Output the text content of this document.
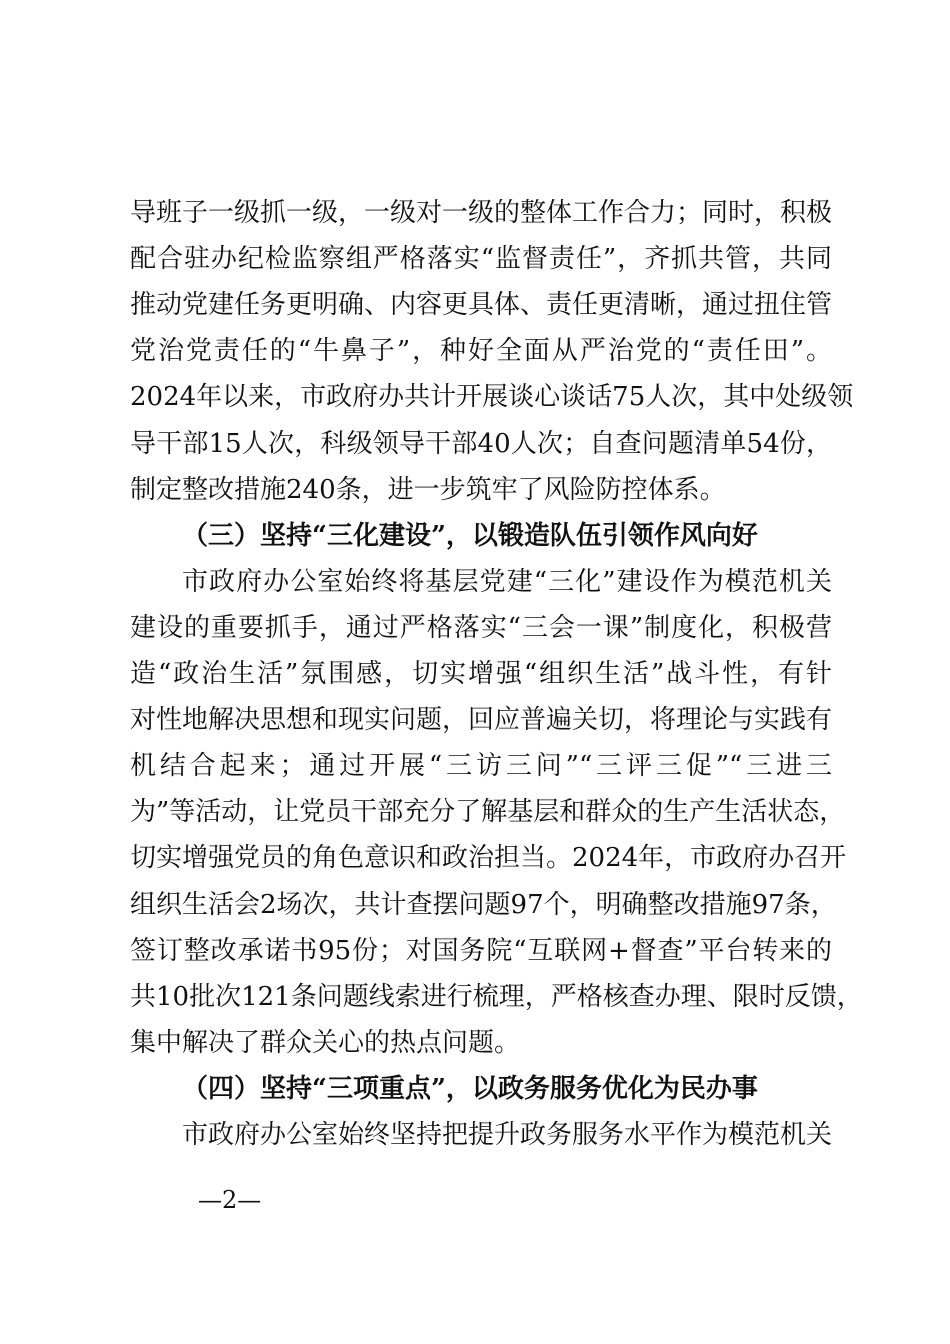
导班子一级抓一级，一级对一级的整体工作合力；同时，积极
配合驻办纪检监察组严格落实“监督责任”，齐抓共管，共同
推动党建任务更明确、内容更具体、责任更清晰，通过扭住管
党治党责任的“牛鼻子”，种好全面从严治党的“责任田”。
2024年以来，市政府办共计开展谈心谈话75人次，其中处级领
导干部15人次，科级领导干部40人次；自查问题清单54份，
制定整改措施240条，进一步筑牢了风险防控体系。
（三）坚持“三化建设”，以锻造队伍引领作风向好
市政府办公室始终将基层党建“三化”建设作为模范机关
建设的重要抓手，通过严格落实“三会一课”制度化，积极营
造“政治生活”氛围感，切实增强“组织生活”战斗性，有针
对性地解决思想和现实问题，回应普遍关切，将理论与实践有
机结合起来；通过开展“三访三问”“三评三促”“三进三
为”等活动，让党员干部充分了解基层和群众的生产生活状态，
切实增强党员的角色意识和政治担当。2024年，市政府办召开
组织生活会2场次，共计查摆问题97个，明确整改措施97条，
签订整改承诺书95份；对国务院“互联网+督查”平台转来的
共10批次121条问题线索进行梳理，严格核查办理、限时反馈，
集中解决了群众关心的热点问题。
（四）坚持“三项重点”，以政务服务优化为民办事
市政府办公室始终坚持把提升政务服务水平作为模范机关
—2—
